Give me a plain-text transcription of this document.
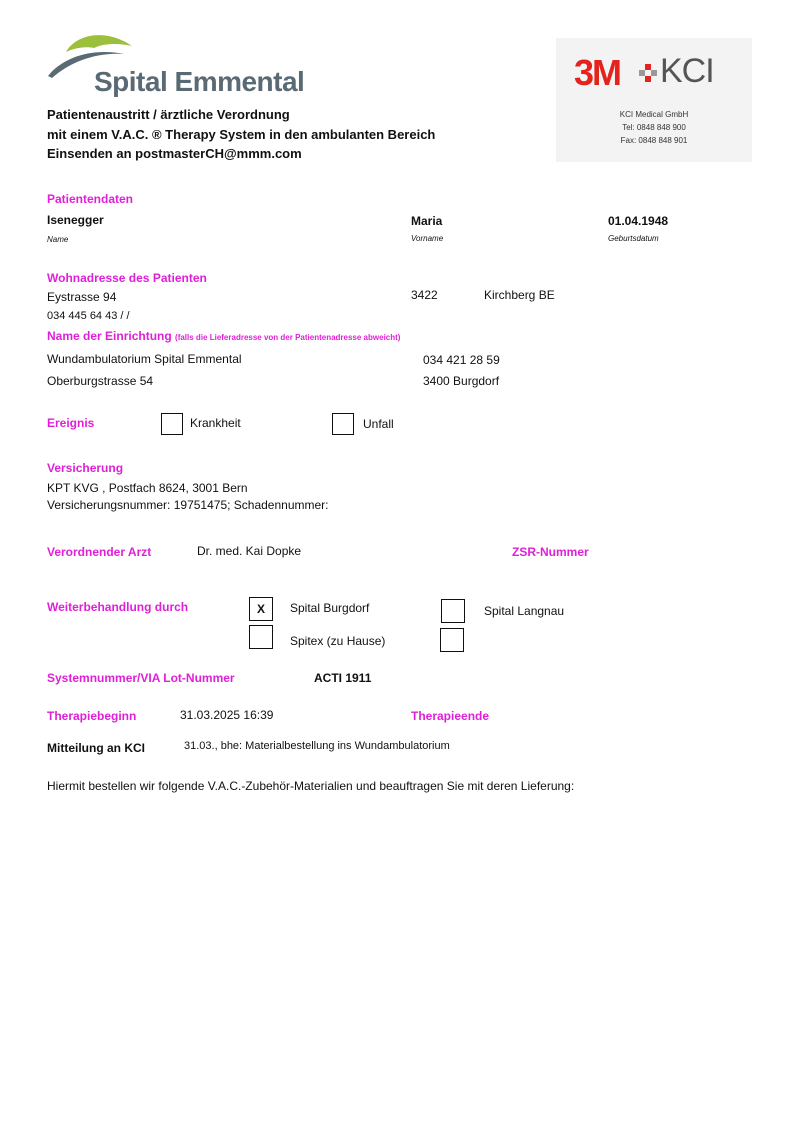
Spital Emmental
Patientenaustritt / ärztliche Verordnung
mit einem V.A.C. ® Therapy System in den ambulanten Bereich
Einsenden an postmasterCH@mmm.com
3M KCI
KCI Medical GmbH
Tel: 0848 848 900
Fax: 0848 848 901
Patientendaten
Isenegger	Maria	01.04.1948
Name	Vorname	Geburtsdatum
Wohnadresse des Patienten
Eystrasse 94	3422	Kirchberg BE
034 445 64 43 / /
Name der Einrichtung (falls die Lieferadresse von der Patientenadresse abweicht)
Wundambulatorium Spital Emmental	034 421 28 59
Oberburgstrasse 54	3400 Burgdorf
Ereignis	Krankheit	Unfall
Versicherung
KPT KVG , Postfach 8624, 3001 Bern
Versicherungsnummer: 19751475; Schadennummer:
Verordnender Arzt	Dr. med. Kai Dopke	ZSR-Nummer
Weiterbehandlung durch	X	Spital Burgdorf	Spital Langnau
Spitex (zu Hause)
Systemnummer/VIA Lot-Nummer	ACTI 1911
Therapiebeginn	31.03.2025 16:39	Therapieende
Mitteilung an KCI	31.03., bhe: Materialbestellung ins Wundambulatorium
Hiermit bestellen wir folgende V.A.C.-Zubehör-Materialien und beauftragen Sie mit deren Lieferung:
